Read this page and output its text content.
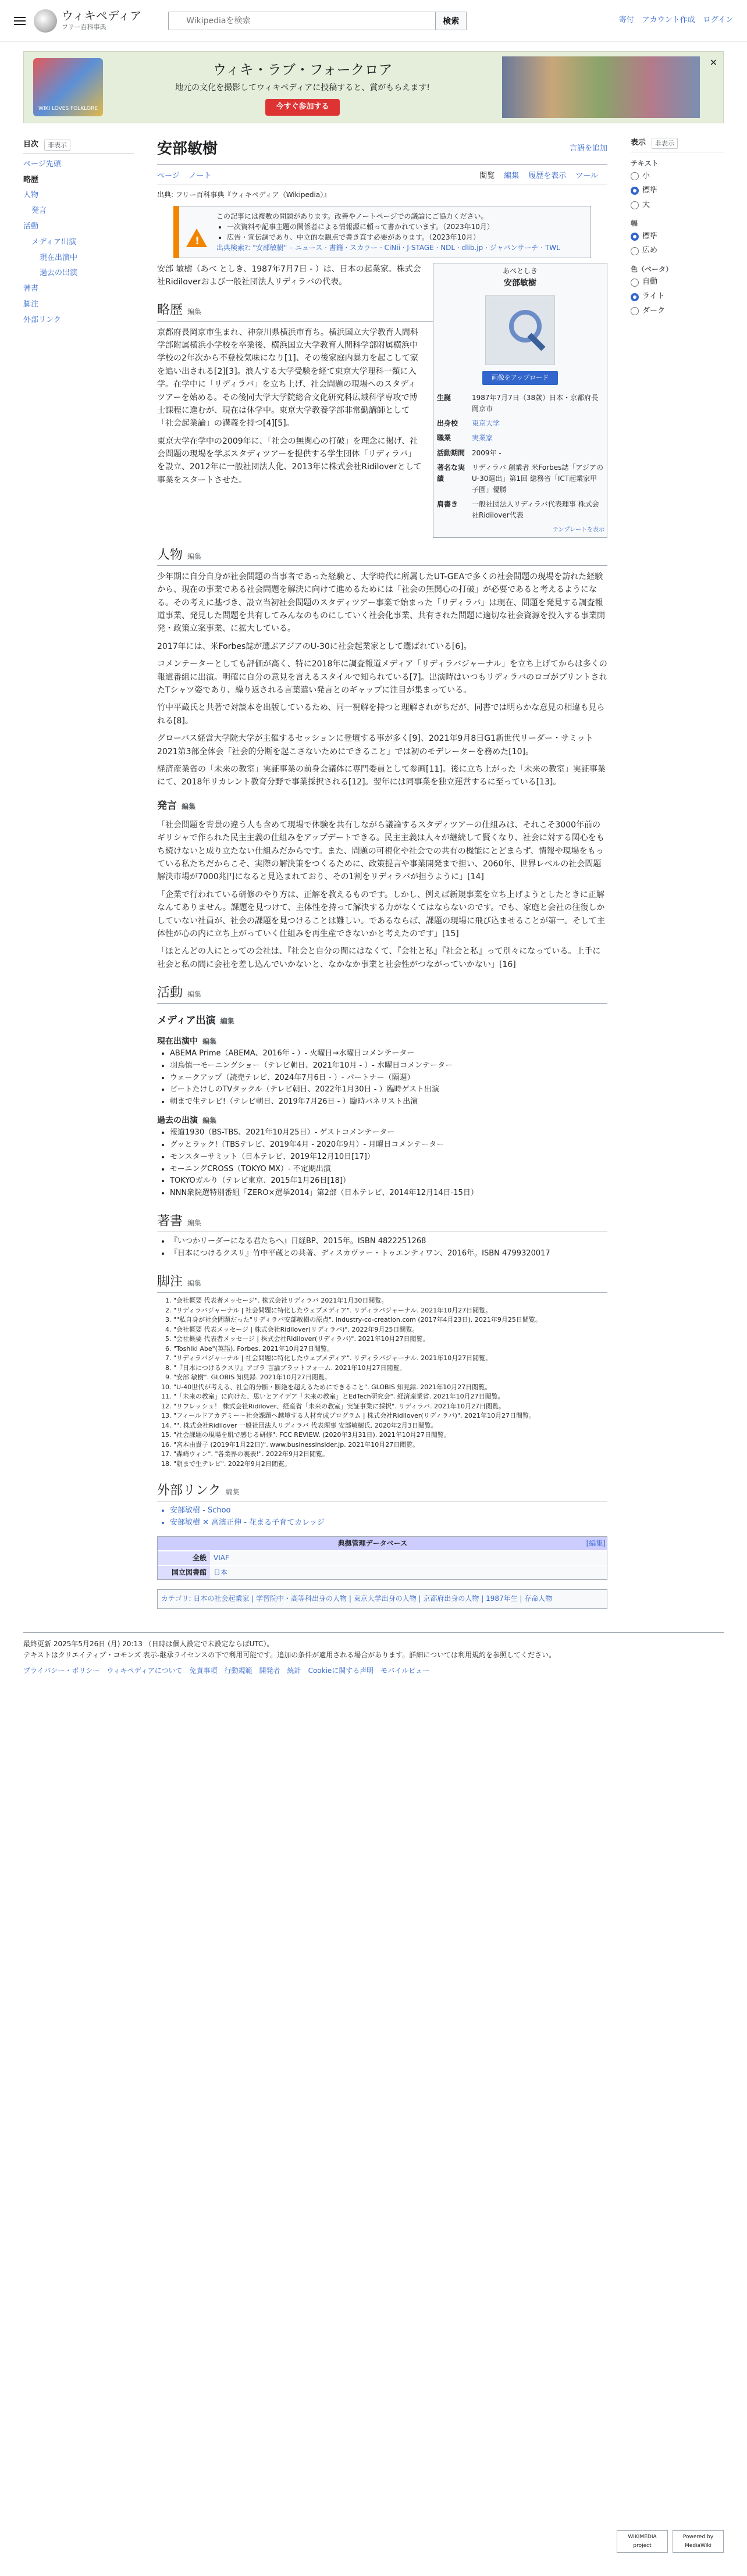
ウィキペディア
フリー百科事典
Wikipediaを検索
検索	寄付 アカウント作成 ログイン
WIKI LOVES FOLKLORE
ウィキ・ラブ・フォークロア
地元の文化を撮影してウィキペディアに投稿すると、賞がもらえます!
今すぐ参加する
✕
目次	非表示
ページ先頭
略歴
人物
発言
活動
メディア出演
現在出演中
過去の出演
著書
脚注
外部リンク
安部敏樹	言語を追加
ページ ノート	閲覧 編集 履歴を表示 ツール
出典: フリー百科事典『ウィキペディア（Wikipedia）』
!
この記事には複数の問題があります。改善やノートページでの議論にご協力ください。
• 一次資料や記事主題の関係者による情報源に頼って書かれています。（2023年10月）
• 広告・宣伝調であり、中立的な観点で書き直す必要があります。（2023年10月）
出典検索?: "安部敏樹" – ニュース · 書籍 · スカラー · CiNii · J-STAGE · NDL · dlib.jp · ジャパンサーチ · TWL
あべとしき
安部敏樹
画像をアップロード
生誕	1987年7月7日（38歳）日本・京都府長岡京市
出身校	東京大学
職業	実業家
活動期間	2009年 -
著名な実績	リディラバ 創業者 米Forbes誌「アジアのU-30選出」第1回 総務省「ICT起業家甲子園」優勝
肩書き	一般社団法人リディラバ代表理事 株式会社Ridilover代表
テンプレートを表示

安部 敏樹（あべ としき、1987年7月7日 - ）は、日本の起業家。株式会社Ridiloverおよび一般社団法人リディラバの代表。

略歴 編集

京都府長岡京市生まれ、神奈川県横浜市育ち。横浜国立大学教育人間科学部附属横浜小学校を卒業後、横浜国立大学教育人間科学部附属横浜中学校の2年次から不登校気味になり[1]、その後家庭内暴力を起こして家を追い出される[2][3]。浪人する大学受験を経て東京大学理科一類に入学。在学中に「リディラバ」を立ち上げ、社会問題の現場へのスタディツアーを始める。その後同大学大学院総合文化研究科広域科学専攻で博士課程に進むが、現在は休学中。東京大学教養学部非常勤講師として「社会起業論」の講義を持つ[4][5]。

東京大学在学中の2009年に、「社会の無関心の打破」を理念に掲げ、社会問題の現場を学ぶスタディツアーを提供する学生団体「リディラバ」を設立、2012年に一般社団法人化、2013年に株式会社Ridiloverとして事業をスタートさせた。

人物 編集

少年期に自分自身が社会問題の当事者であった経験と、大学時代に所属したUT-GEAで多くの社会問題の現場を訪れた経験から、現在の事業である社会問題を解決に向けて進めるためには「社会の無関心の打破」が必要であると考えるようになる。その考えに基づき、設立当初社会問題のスタディツアー事業で始まった「リディラバ」は現在、問題を発見する調査報道事業、発見した問題を共有してみんなのものにしていく社会化事業、共有された問題に適切な社会資源を投入する事業開発・政策立案事業、に拡大している。

2017年には、米Forbes誌が選ぶアジアのU-30に社会起業家として選ばれている[6]。

コメンテーターとしても評価が高く、特に2018年に調査報道メディア「リディラバジャーナル」を立ち上げてからは多くの報道番組に出演。明確に自分の意見を言えるスタイルで知られている[7]。出演時はいつもリディラバのロゴがプリントされたTシャツ姿であり、繰り返される言葉遣い発言とのギャップに注目が集まっている。

竹中平蔵氏と共著で対談本を出版しているため、同一視解を持つと理解されがちだが、同書では明らかな意見の相違も見られる[8]。

グローバス経営大学院大学が主催するセッションに登壇する事が多く[9]、2021年9月8日G1新世代リーダー・サミット2021第3部全体会「社会的分断を起こさないためにできること」では初のモデレーターを務めた[10]。

経済産業省の「未来の教室」実証事業の前身会議体に専門委員として参画[11]。後に立ち上がった「未来の教室」実証事業にて、2018年リカレント教育分野で事業採択される[12]。翌年には同事業を独立運営するに至っている[13]。

発言 編集

「社会問題を背景の違う人も含めて現場で体験を共有しながら議論するスタディツアーの仕組みは、それこそ3000年前のギリシャで作られた民主主義の仕組みをアップデートできる。民主主義は人々が継続して賢くなり、社会に対する関心をもち続けないと成り立たない仕組みだからです。また、問題の可視化や社会での共有の機能にとどまらず、情報や現場をもっている私たちだからこそ、実際の解決策をつくるために、政策提言や事業開発まで担い、2060年、世界レベルの社会問題解決市場が7000兆円になると見込まれており、その1割をリディラバが担うように」[14]

「企業で行われている研修のやり方は、正解を教えるものです。しかし、例えば新規事業を立ち上げようとしたときに正解なんてありません。課題を見つけて、主体性を持って解決する力がなくてはならないのです。でも、家庭と会社の往復しかしていない社員が、社会の課題を見つけることは難しい。であるならば、課題の現場に飛び込ませることが第一。そして主体性が心の内に立ち上がっていく仕組みを再生産できないかと考えたのです」[15]

「ほとんどの人にとっての会社は、『社会と自分の間にはなくて、『会社と私』『社会と私』って別々になっている。上手に社会と私の間に会社を差し込んでいかないと、なかなか事業と社会性がつながっていかない」[16]

活動 編集
メディア出演 編集
現在出演中 編集
• ABEMA Prime（ABEMA、2016年 - ）- 火曜日→水曜日コメンテーター
• 羽鳥慎一モーニングショー（テレビ朝日、2021年10月 - ）- 水曜日コメンテーター
• ウェークアップ（読売テレビ、2024年7月6日 - ）- パートナー（隔週）
• ビートたけしのTVタックル（テレビ朝日、2022年1月30日 - ）臨時ゲスト出演
• 朝まで生テレビ!（テレビ朝日、2019年7月26日 - ）臨時パネリスト出演
過去の出演 編集
• 報道1930（BS-TBS、2021年10月25日）- ゲストコメンテーター
• グッとラック!（TBSテレビ、2019年4月 - 2020年9月）- 月曜日コメンテーター
• モンスターサミット（日本テレビ、2019年12月10日[17]）
• モーニングCROSS（TOKYO MX）- 不定期出演
• TOKYOガルり（テレビ東京、2015年1月26日[18]）
• NNN衆院選特別番組「ZERO×選挙2014」第2部（日本テレビ、2014年12月14日-15日）
著書 編集
• 『いつかリーダーになる君たちへ』日経BP、2015年。ISBN 4822251268
• 『日本につけるクスリ』竹中平蔵との共著、ディスカヴァー・トゥエンティワン、2016年。ISBN 4799320017
脚注 編集
1. "会社概要 代表者メッセージ". 株式会社リディラバ 2021年1月30日閲覧。
2. "リディラバジャーナル | 社会問題に特化したウェブメディア". リディラバジャーナル. 2021年10月27日閲覧。
3. ""私自身が社会問題だった"リディラバ安部敏樹の原点". industry-co-creation.com (2017年4月23日). 2021年9月25日閲覧。
4. "会社概要 代表メッセージ | 株式会社Ridilover(リディラバ)". 2022年9月25日閲覧。
5. "会社概要 代表者メッセージ | 株式会社Ridilover(リディラバ)". 2021年10月27日閲覧。
6. "Toshiki Abe"(英語). Forbes. 2021年10月27日閲覧。
7. "リディラバジャーナル | 社会問題に特化したウェブメディア". リディラバジャーナル. 2021年10月27日閲覧。
8. "『日本につけるクスリ』アゴラ 言論プラットフォーム. 2021年10月27日閲覧。
9. "安部 敏樹". GLOBIS 知見録. 2021年10月27日閲覧。
10. "U-40世代が考える、社会的分断・断絶を超えるためにできること". GLOBIS 知見録. 2021年10月27日閲覧。
11. "「未来の教室」に向けた、思いとアイデア「未来の教室」とEdTech研究会". 経済産業省. 2021年10月27日閲覧。
12. "リフレッシュ！ 株式会社Ridilover、経産省「未来の教室」実証事業に採択". リディラバ. 2021年10月27日閲覧。
13. "フィールドアカデミー～社会課題へ越境する人材育成プログラム | 株式会社Ridilover(リディラバ)". 2021年10月27日閲覧。
14. "". 株式会社Ridilover 一般社団法人リディラバ 代表理事 安部敏樹氏. 2020年2月3日閲覧。
15. "社会課題の現場を肌で感じる研修". FCC REVIEW. (2020年3月31日). 2021年10月27日閲覧。
16. "宮本由貴子 (2019年1月22日)". www.businessinsider.jp. 2021年10月27日閲覧。
17. "森崎ウィン". "各業界の裏表!". 2022年9月2日閲覧。
18. "朝まで生テレビ". 2022年9月2日閲覧。
外部リンク 編集
• 安部敏樹 - Schoo
• 安部敏樹 ✕ 高濱正伸 - 花まる子育てカレッジ
典拠管理データベース	[編集]
全般	VIAF
国立図書館	日本
カテゴリ: 日本の社会起業家 | 学習院中・高等科出身の人物 | 東京大学出身の人物 | 京都府出身の人物 | 1987年生 | 存命人物
表示	非表示
テキスト
小
標準
大
幅
標準
広め
色（ベータ）
自動
ライト
ダーク
最終更新 2025年5月26日 (月) 20:13 （日時は個人設定で未設定ならばUTC）。
テキストはクリエイティブ・コモンズ 表示-継承ライセンスの下で利用可能です。追加の条件が適用される場合があります。詳細については利用規約を参照してください。
プライバシー・ポリシー ウィキペディアについて 免責事項 行動規範 開発者 統計 Cookieに関する声明 モバイルビュー
WIKIMEDIA project
Powered by MediaWiki
